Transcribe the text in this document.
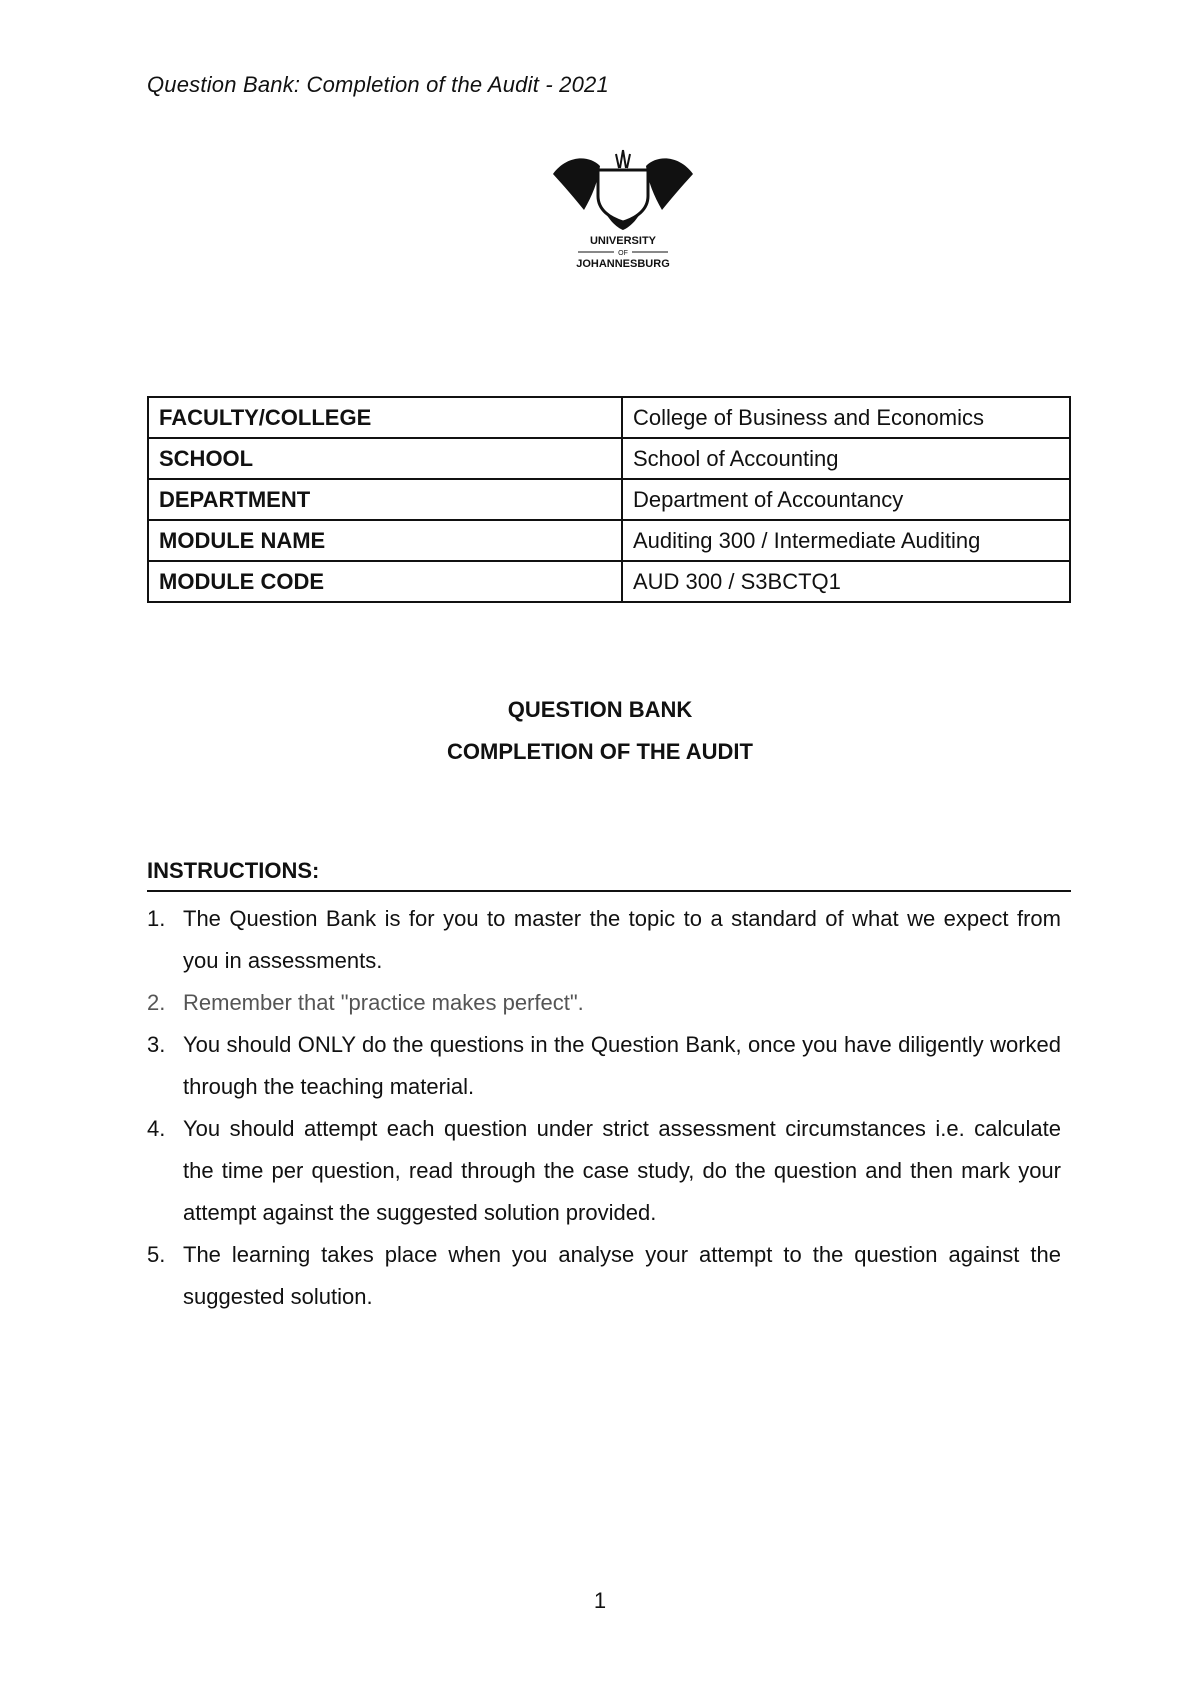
Question Bank: Completion of the Audit - 2021
UNIVERSITY
OF
JOHANNESBURG
FACULTY/COLLEGE	College of Business and Economics
SCHOOL	School of Accounting
DEPARTMENT	Department of Accountancy
MODULE NAME	Auditing 300 / Intermediate Auditing
MODULE CODE	AUD 300 / S3BCTQ1
QUESTION BANK
COMPLETION OF THE AUDIT
INSTRUCTIONS:
1. The Question Bank is for you to master the topic to a standard of what we expect from you in assessments.
2. Remember that "practice makes perfect".
3. You should ONLY do the questions in the Question Bank, once you have diligently worked through the teaching material.
4. You should attempt each question under strict assessment circumstances i.e. calculate the time per question, read through the case study, do the question and then mark your attempt against the suggested solution provided.
5. The learning takes place when you analyse your attempt to the question against the suggested solution.
1
